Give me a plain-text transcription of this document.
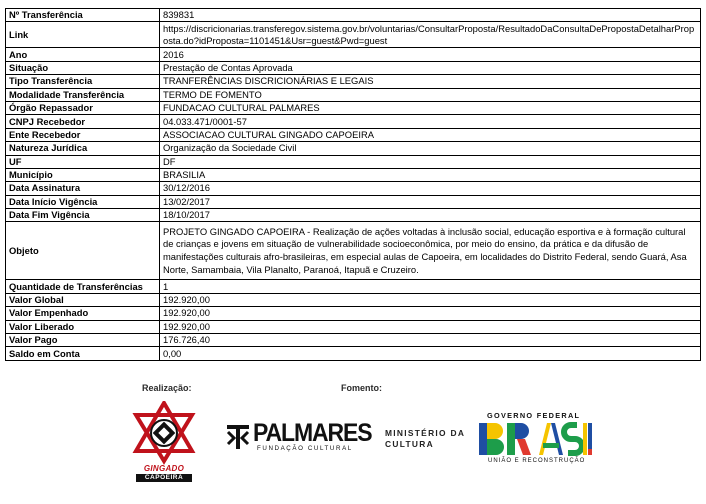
Nº Transferência	839831
Link	https://discricionarias.transferegov.sistema.gov.br/voluntarias/ConsultarProposta/ResultadoDaConsultaDePropostaDetalharProposta.do?idProposta=1101451&Usr=guest&Pwd=guest
Ano	2016
Situação	Prestação de Contas Aprovada
Tipo Transferência	TRANFERÊNCIAS DISCRICIONÁRIAS E LEGAIS
Modalidade Transferência	TERMO DE FOMENTO
Órgão Repassador	FUNDACAO CULTURAL PALMARES
CNPJ Recebedor	04.033.471/0001-57
Ente Recebedor	ASSOCIACAO CULTURAL GINGADO CAPOEIRA
Natureza Jurídica	Organização da Sociedade Civil
UF	DF
Município	BRASILIA
Data Assinatura	30/12/2016
Data Início Vigência	13/02/2017
Data Fim Vigência	18/10/2017
Objeto	PROJETO GINGADO CAPOEIRA - Realização de ações voltadas à inclusão social, educação esportiva e à formação cultural de crianças e jovens em situação de vulnerabilidade socioeconômica, por meio do ensino, da prática e da difusão de manifestações culturais afro-brasileiras, em especial aulas de Capoeira, em localidades do Distrito Federal, sendo Guará, Asa Norte, Samambaia, Vila Planalto, Paranoá, Itapuã e Cruzeiro.
Quantidade de Transferências	1
Valor Global	192.920,00
Valor Empenhado	192.920,00
Valor Liberado	192.920,00
Valor Pago	176.726,40
Saldo em Conta	0,00
Realização:	Fomento:
GINGADO
CAPOEIRA
PALMARES
FUNDAÇÃO CULTURAL
MINISTÉRIO DA
CULTURA
GOVERNO FEDERAL
UNIÃO E RECONSTRUÇÃO
